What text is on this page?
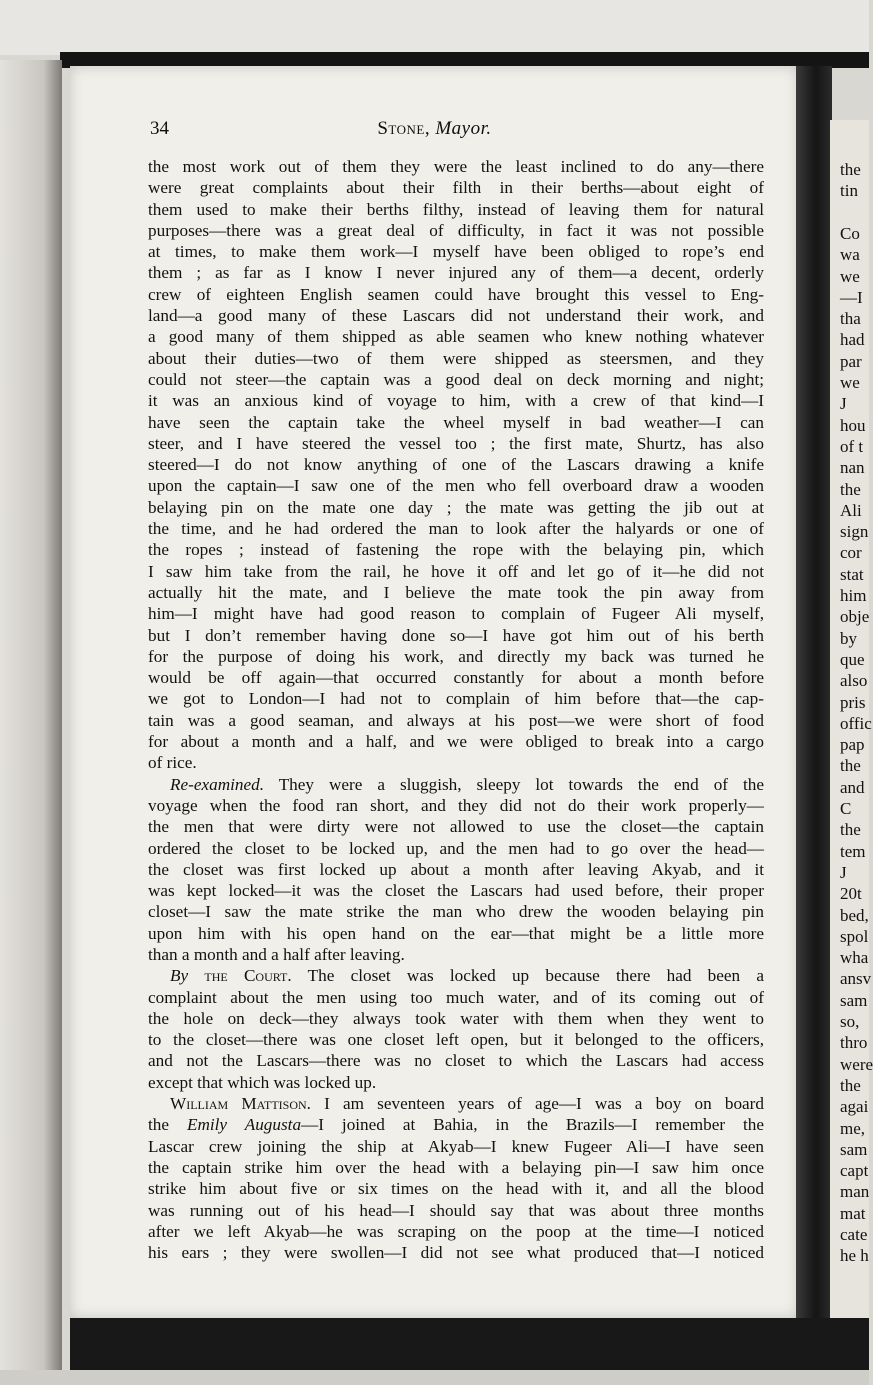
the
tin
Co
wa
we
—I
tha
had
par
we
J
hou
of t
nan
the
Ali
sign
cor
stat
him
obje
by
que
also
pris
offic
pap
the
and
C
the
tem
J
20t
bed,
spol
wha
ansv
sam
so,
thro
were
the
agai
me,
sam
capt
man
mat
cate
he h
34	Stone, Mayor.
the most work out of them they were the least inclined to do any—there
were great complaints about their filth in their berths—about eight of
them used to make their berths filthy, instead of leaving them for natural
purposes—there was a great deal of difficulty, in fact it was not possible
at times, to make them work—I myself have been obliged to rope’s end
them ; as far as I know I never injured any of them—a decent, orderly
crew of eighteen English seamen could have brought this vessel to Eng-
land—a good many of these Lascars did not understand their work, and
a good many of them shipped as able seamen who knew nothing whatever
about their duties—two of them were shipped as steersmen, and they
could not steer—the captain was a good deal on deck morning and night;
it was an anxious kind of voyage to him, with a crew of that kind—I
have seen the captain take the wheel myself in bad weather—I can
steer, and I have steered the vessel too ; the first mate, Shurtz, has also
steered—I do not know anything of one of the Lascars drawing a knife
upon the captain—I saw one of the men who fell overboard draw a wooden
belaying pin on the mate one day ; the mate was getting the jib out at
the time, and he had ordered the man to look after the halyards or one of
the ropes ; instead of fastening the rope with the belaying pin, which
I saw him take from the rail, he hove it off and let go of it—he did not
actually hit the mate, and I believe the mate took the pin away from
him—I might have had good reason to complain of Fugeer Ali myself,
but I don’t remember having done so—I have got him out of his berth
for the purpose of doing his work, and directly my back was turned he
would be off again—that occurred constantly for about a month before
we got to London—I had not to complain of him before that—the cap-
tain was a good seaman, and always at his post—we were short of food
for about a month and a half, and we were obliged to break into a cargo
of rice.
Re-examined. They were a sluggish, sleepy lot towards the end of the
voyage when the food ran short, and they did not do their work properly—
the men that were dirty were not allowed to use the closet—the captain
ordered the closet to be locked up, and the men had to go over the head—
the closet was first locked up about a month after leaving Akyab, and it
was kept locked—it was the closet the Lascars had used before, their proper
closet—I saw the mate strike the man who drew the wooden belaying pin
upon him with his open hand on the ear—that might be a little more
than a month and a half after leaving.
By the Court. The closet was locked up because there had been a
complaint about the men using too much water, and of its coming out of
the hole on deck—they always took water with them when they went to
to the closet—there was one closet left open, but it belonged to the officers,
and not the Lascars—there was no closet to which the Lascars had access
except that which was locked up.
William Mattison. I am seventeen years of age—I was a boy on board
the Emily Augusta—I joined at Bahia, in the Brazils—I remember the
Lascar crew joining the ship at Akyab—I knew Fugeer Ali—I have seen
the captain strike him over the head with a belaying pin—I saw him once
strike him about five or six times on the head with it, and all the blood
was running out of his head—I should say that was about three months
after we left Akyab—he was scraping on the poop at the time—I noticed
his ears ; they were swollen—I did not see what produced that—I noticed
